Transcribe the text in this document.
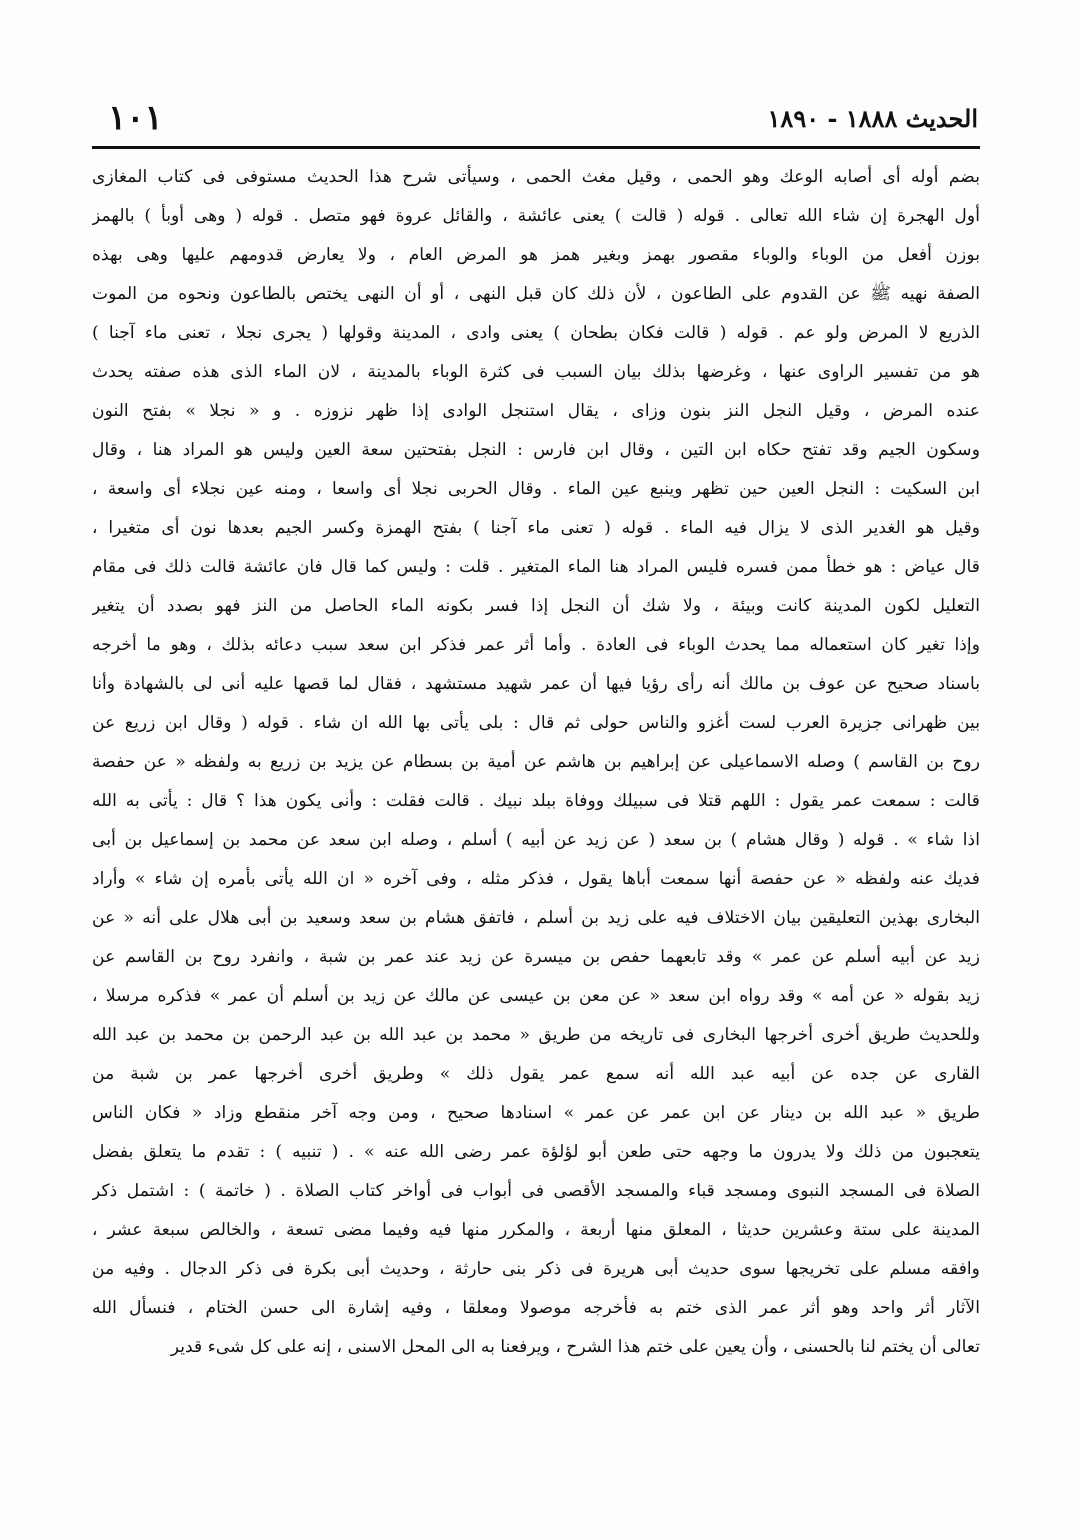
الحديث ١٨٨٨ - ١٨٩٠
١٠١
بضم أوله أى أصابه الوعك وهو الحمى ، وقيل مغث الحمى ، وسيأتى شرح هذا الحديث مستوفى فى كتاب المغازى
أول الهجرة إن شاء الله تعالى . قوله ( قالت ) يعنى عائشة ، والقائل عروة فهو متصل . قوله ( وهى أوبأ ) بالهمز
بوزن أفعل من الوباء والوباء مقصور بهمز وبغير همز هو المرض العام ، ولا يعارض قدومهم عليها وهى بهذه
الصفة نهيه ﷺ عن القدوم على الطاعون ، لأن ذلك كان قبل النهى ، أو أن النهى يختص بالطاعون ونحوه من الموت
الذريع لا المرض ولو عم . قوله ( قالت فكان بطحان ) يعنى وادى ، المدينة وقولها ( يجرى نجلا ، تعنى ماء آجنا )
هو من تفسير الراوى عنها ، وغرضها بذلك بيان السبب فى كثرة الوباء بالمدينة ، لان الماء الذى هذه صفته يحدث
عنده المرض ، وقيل النجل النز بنون وزاى ، يقال استنجل الوادى إذا ظهر نزوزه . و « نجلا » بفتح النون
وسكون الجيم وقد تفتح حكاه ابن التين ، وقال ابن فارس : النجل بفتحتين سعة العين وليس هو المراد هنا ، وقال
ابن السكيت : النجل العين حين تظهر وينبع عين الماء . وقال الحربى نجلا أى واسعا ، ومنه عين نجلاء أى واسعة ،
وقيل هو الغدير الذى لا يزال فيه الماء . قوله ( تعنى ماء آجنا ) بفتح الهمزة وكسر الجيم بعدها نون أى متغيرا ،
قال عياض : هو خطأ ممن فسره فليس المراد هنا الماء المتغير . قلت : وليس كما قال فان عائشة قالت ذلك فى مقام
التعليل لكون المدينة كانت وبيئة ، ولا شك أن النجل إذا فسر بكونه الماء الحاصل من النز فهو بصدد أن يتغير
وإذا تغير كان استعماله مما يحدث الوباء فى العادة . وأما أثر عمر فذكر ابن سعد سبب دعائه بذلك ، وهو ما أخرجه
باسناد صحيح عن عوف بن مالك أنه رأى رؤيا فيها أن عمر شهيد مستشهد ، فقال لما قصها عليه أنى لى بالشهادة وأنا
بين ظهرانى جزيرة العرب لست أغزو والناس حولى ثم قال : بلى يأتى بها الله ان شاء . قوله ( وقال ابن زريع عن
روح بن القاسم ) وصله الاسماعيلى عن إبراهيم بن هاشم عن أمية بن بسطام عن يزيد بن زريع به ولفظه « عن حفصة
قالت : سمعت عمر يقول : اللهم قتلا فى سبيلك ووفاة ببلد نبيك . قالت فقلت : وأنى يكون هذا ؟ قال : يأتى به الله
اذا شاء » . قوله ( وقال هشام ) بن سعد ( عن زيد عن أبيه ) أسلم ، وصله ابن سعد عن محمد بن إسماعيل بن أبى
فديك عنه ولفظه « عن حفصة أنها سمعت أباها يقول ، فذكر مثله ، وفى آخره « ان الله يأتى بأمره إن شاء » وأراد
البخارى بهذين التعليقين بيان الاختلاف فيه على زيد بن أسلم ، فاتفق هشام بن سعد وسعيد بن أبى هلال على أنه « عن
زيد عن أبيه أسلم عن عمر » وقد تابعهما حفص بن ميسرة عن زيد عند عمر بن شبة ، وانفرد روح بن القاسم عن
زيد بقوله « عن أمه » وقد رواه ابن سعد « عن معن بن عيسى عن مالك عن زيد بن أسلم أن عمر » فذكره مرسلا ،
وللحديث طريق أخرى أخرجها البخارى فى تاريخه من طريق « محمد بن عبد الله بن عبد الرحمن بن محمد بن عبد الله
القارى عن جده عن أبيه عبد الله أنه سمع عمر يقول ذلك » وطريق أخرى أخرجها عمر بن شبة من
طريق « عبد الله بن دينار عن ابن عمر عن عمر » اسنادها صحيح ، ومن وجه آخر منقطع وزاد « فكان الناس
يتعجبون من ذلك ولا يدرون ما وجهه حتى طعن أبو لؤلؤة عمر رضى الله عنه » . ( تنبيه ) : تقدم ما يتعلق بفضل
الصلاة فى المسجد النبوى ومسجد قباء والمسجد الأقصى فى أبواب فى أواخر كتاب الصلاة . ( خاتمة ) : اشتمل ذكر
المدينة على ستة وعشرين حديثا ، المعلق منها أربعة ، والمكرر منها فيه وفيما مضى تسعة ، والخالص سبعة عشر ،
وافقه مسلم على تخريجها سوى حديث أبى هريرة فى ذكر بنى حارثة ، وحديث أبى بكرة فى ذكر الدجال . وفيه من
الآثار أثر واحد وهو أثر عمر الذى ختم به فأخرجه موصولا ومعلقا ، وفيه إشارة الى حسن الختام ، فنسأل الله
تعالى أن يختم لنا بالحسنى ، وأن يعين على ختم هذا الشرح ، ويرفعنا به الى المحل الاسنى ، إنه على كل شىء قدير
